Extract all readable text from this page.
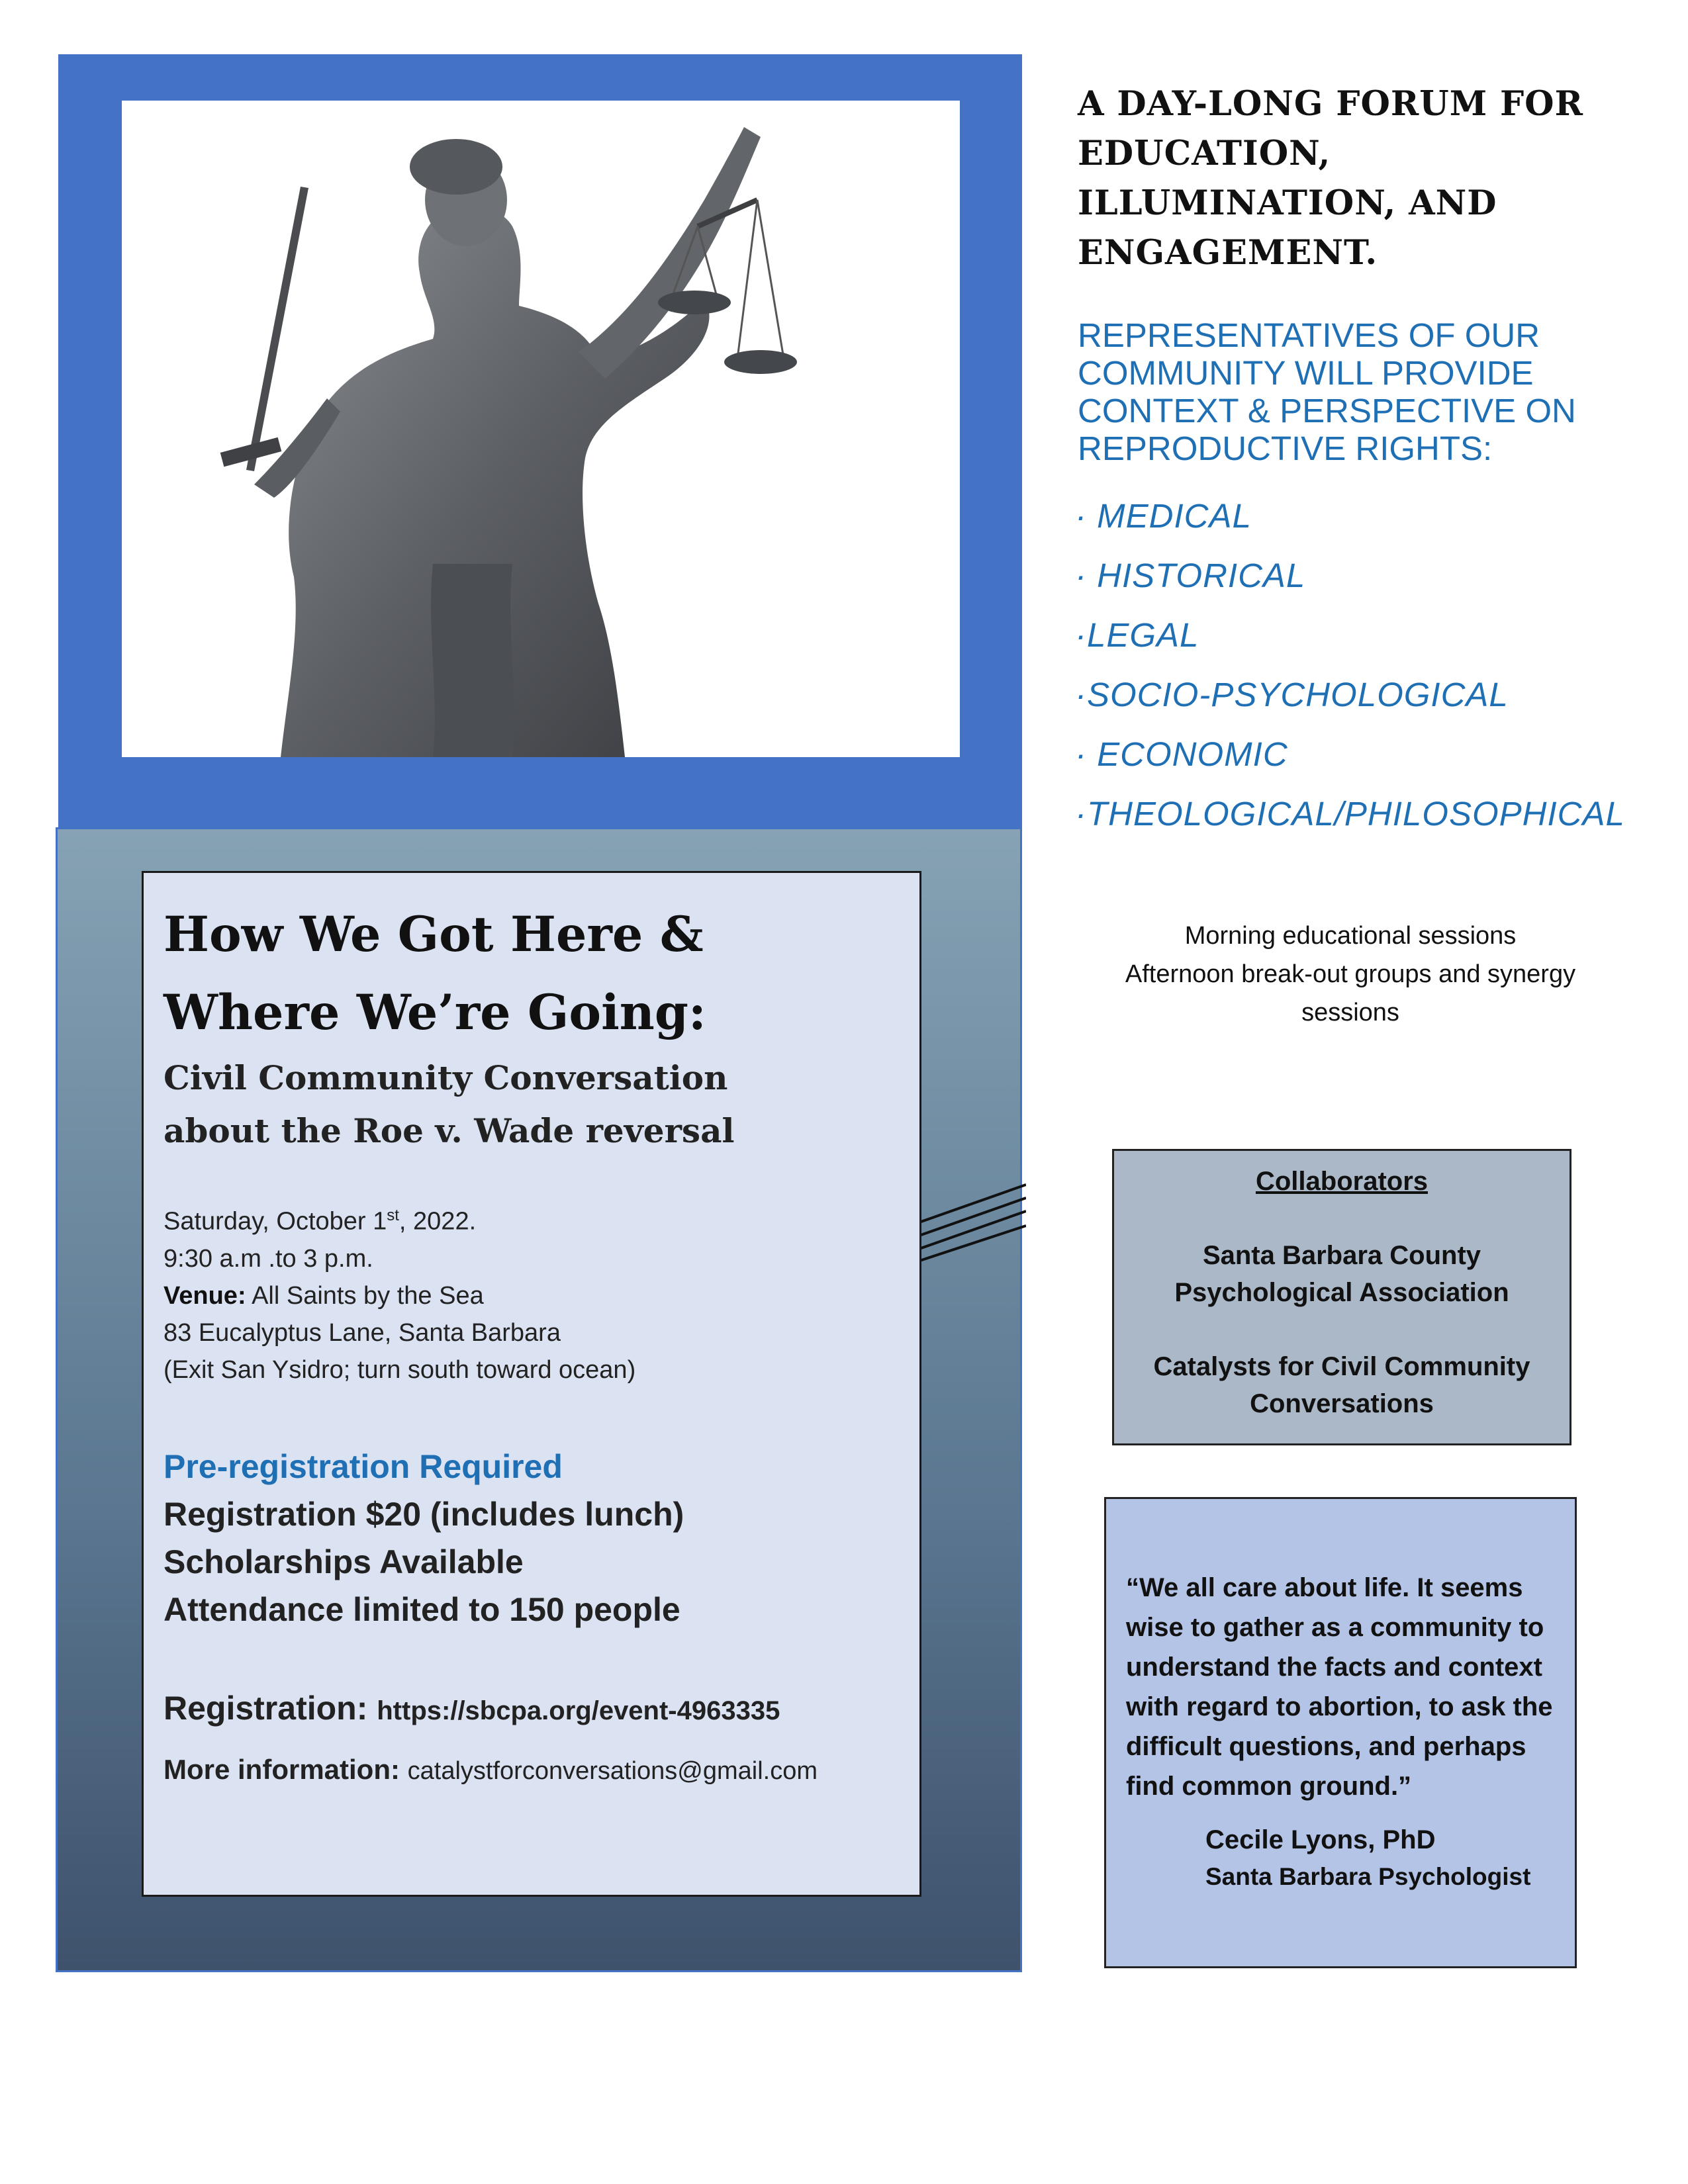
How We Got Here &
Where We’re Going:
Civil Community Conversation
about the Roe v. Wade reversal
Saturday, October 1st, 2022.
9:30 a.m .to 3 p.m.
Venue: All Saints by the Sea
83 Eucalyptus Lane, Santa Barbara
(Exit San Ysidro; turn south toward ocean)
Pre-registration Required
Registration $20 (includes lunch)
Scholarships Available
Attendance limited to 150 people
Registration: https://sbcpa.org/event-4963335
More information: catalystforconversations@gmail.com
A DAY-LONG FORUM FOR EDUCATION, ILLUMINATION, AND ENGAGEMENT.
REPRESENTATIVES OF OUR COMMUNITY WILL PROVIDE CONTEXT & PERSPECTIVE ON REPRODUCTIVE RIGHTS:
· MEDICAL
· HISTORICAL
·LEGAL
·SOCIO-PSYCHOLOGICAL
· ECONOMIC
·THEOLOGICAL/PHILOSOPHICAL
Morning educational sessions
Afternoon break-out groups and synergy sessions
Collaborators
Santa Barbara County Psychological Association
Catalysts for Civil Community Conversations
“We all care about life. It seems wise to gather as a community to understand the facts and context with regard to abortion, to ask the difficult questions, and perhaps find common ground.”
Cecile Lyons, PhD
Santa Barbara Psychologist
